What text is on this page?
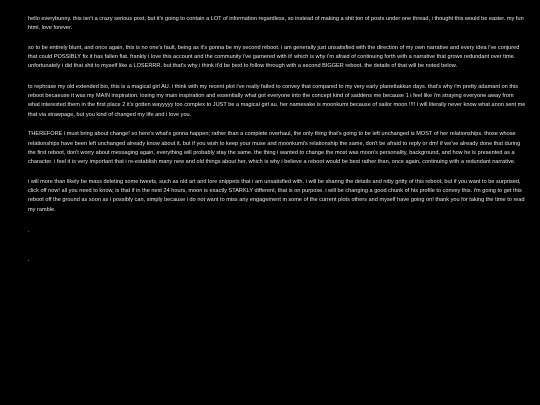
hello everybunny. this isn't a crazy serious post, but it's going to contain a LOT of information regardless, so instead of making a shit ton of posts under one thread, i thought this would be easier. my fun html. love forever.

so to be entirely blunt, and once again, this is no one's fault, being as it's gonna be my second reboot. i am generally just unsatisfied with the direction of my own narrative and every idea i've conjured that could POSSIBLY fix it has fallen flat. frankly i love this account and the community i've garnered with it! which is why i'm afraid of continuing forth with a narrative that grows redundant over time. unfortunately i did that shit to myself like a LOSERRR. but that's why i think it'd be best to follow through with a second BIGGER reboot. the details of that will be noted below.

to rephrase my old extended bio, this is a magical girl AU. i think with my recent plot i've really failed to convey that compared to my very early planettakkun days. that's why i'm pretty adamant on this reboot becaeuse it was my MAIN inspiration. losing my main inspiration and essentially what got everyone into the concept kind of saddens me because 1 i feel like i'm straying everyone away from what interested them in the first place 2 it's gotten wayyyyy too complex to JUST be a magical girl au. her namesake is moonkumi because of sailor moon !!!! i will literally never know what anon sent me that via strawpage, but you kind of changed my life and i love you.

THEREFORE i must bring about change! so here's what's gonna happen; rather than a complete overhaul, the only thing that's going to be left unchanged is MOST of her relationships. those whose relationships have been left unchanged already know about it, but if you wish to keep your muse and moonkumi's relationship the same, don't be afraid to reply or dm! if we've already done that during the first reboot, don't worry about messaging again, everything will probably stay the same. the thing i wanted to change the most was moon's personality, background, and how he is presented as a character. i feel it is very important that i re-establish many new and old things about her, which is why i believe a reboot would be best rather than, once again, continuing with a redundant narrative.

i will more than likely be mass deleting some tweets, such as old art and lore snippets that i am unsatisfied with. i will be sharing the details and nitty gritty of this reboot, but if you want to be surprised, click off now! all you need to know, is that if in the next 24 hours, moon is exactly STARKLY different, that is on purpose. i will be changing a good chunk of his profile to convey this. i'm going to get this reboot off the ground as soon as i possibly can, simply because i do not want to miss any engagement in some of the current plots others and myself have going on! thank you for taking the time to read my ramble.

.

.
